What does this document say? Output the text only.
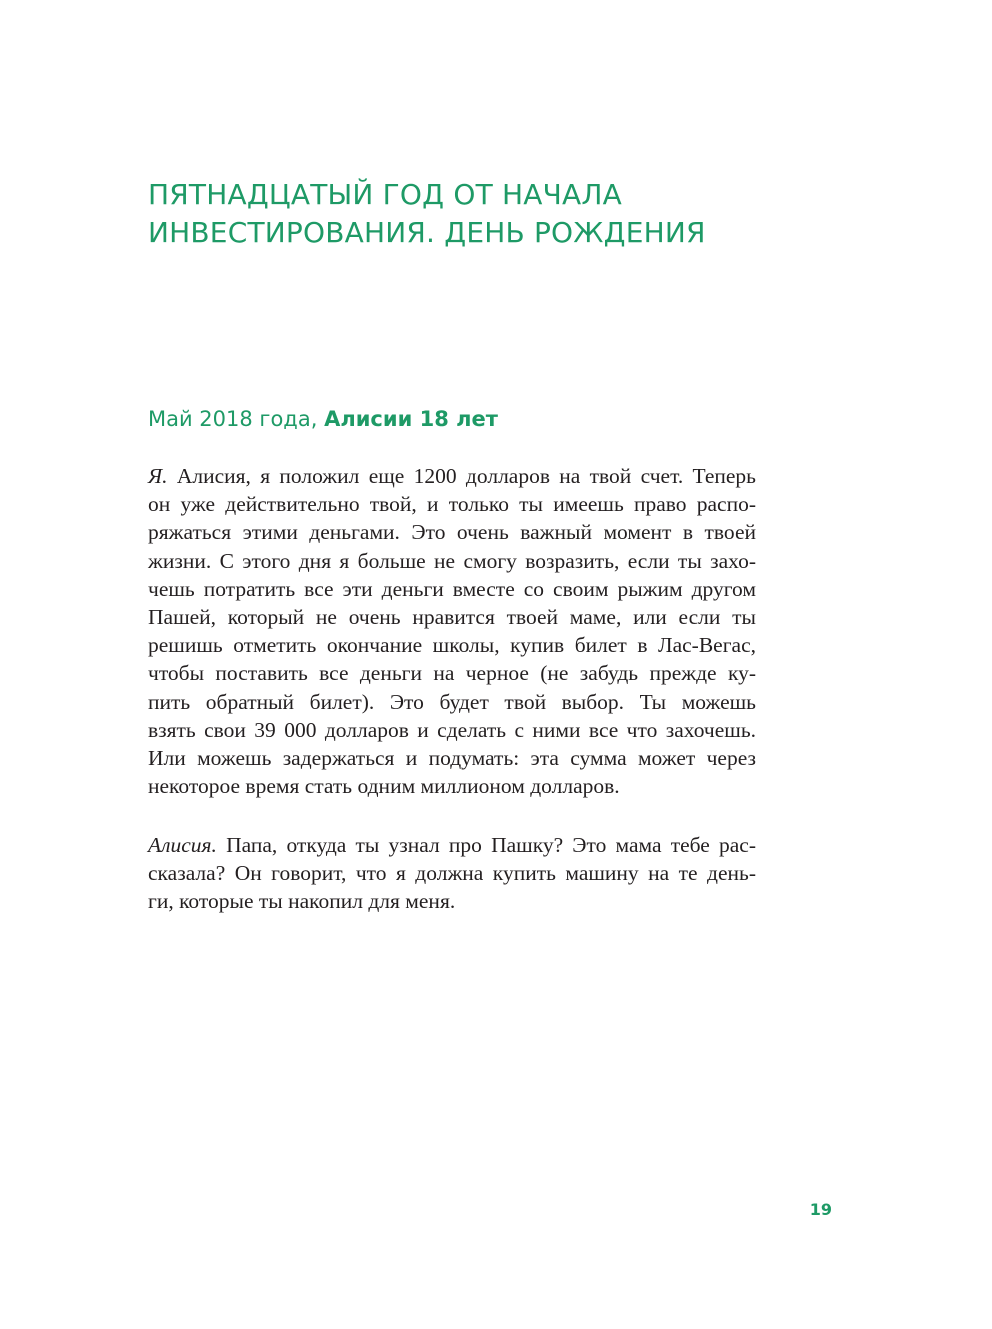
ПЯТНАДЦАТЫЙ ГОД ОТ НАЧАЛА
ИНВЕСТИРОВАНИЯ. ДЕНЬ РОЖДЕНИЯ
Май 2018 года, Алисии 18 лет
Я. Алисия, я положил еще 1200 долларов на твой счет. Теперь
он уже действительно твой, и только ты имеешь право распо-
ряжаться этими деньгами. Это очень важный момент в твоей
жизни. С этого дня я больше не смогу возразить, если ты захо-
чешь потратить все эти деньги вместе со своим рыжим другом
Пашей, который не очень нравится твоей маме, или если ты
решишь отметить окончание школы, купив билет в Лас-Вегас,
чтобы поставить все деньги на черное (не забудь прежде ку-
пить обратный билет). Это будет твой выбор. Ты можешь
взять свои 39 000 долларов и сделать с ними все что захочешь.
Или можешь задержаться и подумать: эта сумма может через
некоторое время стать одним миллионом долларов.
Алисия. Папа, откуда ты узнал про Пашку? Это мама тебе рас-
сказала? Он говорит, что я должна купить машину на те день-
ги, которые ты накопил для меня.
19
